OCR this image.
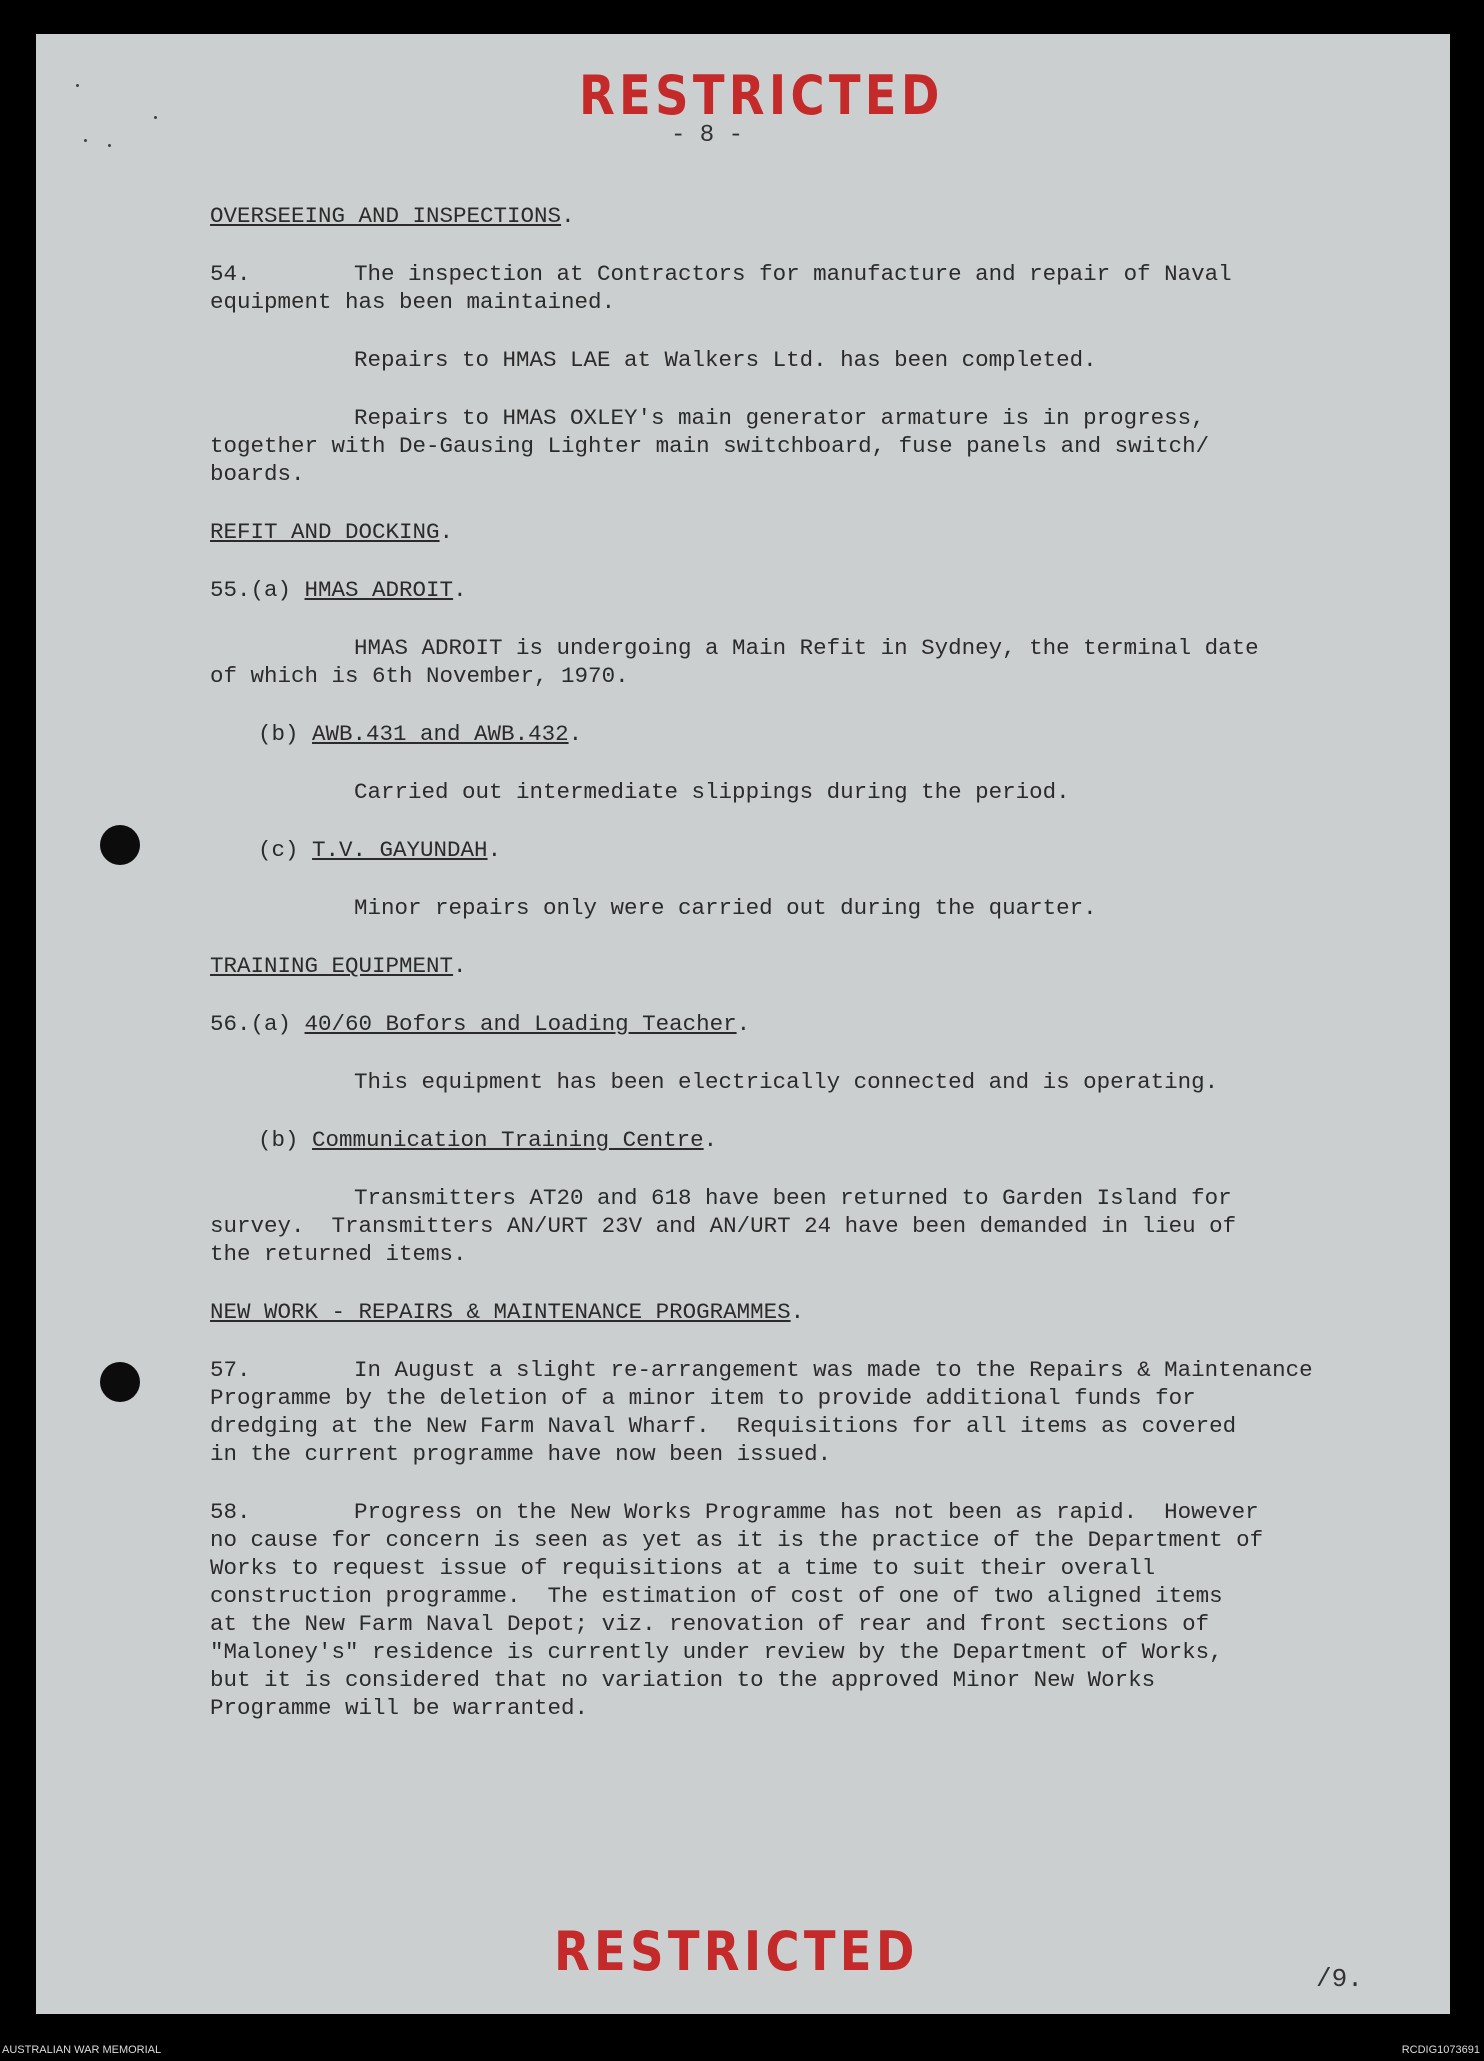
RESTRICTED
- 8 -

OVERSEEING AND INSPECTIONS.

54.	The inspection at Contractors for manufacture and repair of Naval

equipment has been maintained.

Repairs to HMAS LAE at Walkers Ltd. has been completed.

Repairs to HMAS OXLEY's main generator armature is in progress,

together with De-Gausing Lighter main switchboard, fuse panels and switch/

boards.

REFIT AND DOCKING.

55.(a) HMAS ADROIT.

HMAS ADROIT is undergoing a Main Refit in Sydney, the terminal date

of which is 6th November, 1970.

(b) AWB.431 and AWB.432.

Carried out intermediate slippings during the period.

(c) T.V. GAYUNDAH.

Minor repairs only were carried out during the quarter.

TRAINING EQUIPMENT.

56.(a) 40/60 Bofors and Loading Teacher.

This equipment has been electrically connected and is operating.

(b) Communication Training Centre.

Transmitters AT20 and 618 have been returned to Garden Island for

survey.  Transmitters AN/URT 23V and AN/URT 24 have been demanded in lieu of

the returned items.

NEW WORK - REPAIRS & MAINTENANCE PROGRAMMES.

57.	In August a slight re-arrangement was made to the Repairs & Maintenance

Programme by the deletion of a minor item to provide additional funds for

dredging at the New Farm Naval Wharf.  Requisitions for all items as covered

in the current programme have now been issued.

58.	Progress on the New Works Programme has not been as rapid.  However

no cause for concern is seen as yet as it is the practice of the Department of

Works to request issue of requisitions at a time to suit their overall

construction programme.  The estimation of cost of one of two aligned items

at the New Farm Naval Depot; viz. renovation of rear and front sections of

"Maloney's" residence is currently under review by the Department of Works,

but it is considered that no variation to the approved Minor New Works

Programme will be warranted.

RESTRICTED	/9.
AUSTRALIAN WAR MEMORIAL	RCDIG1073691
